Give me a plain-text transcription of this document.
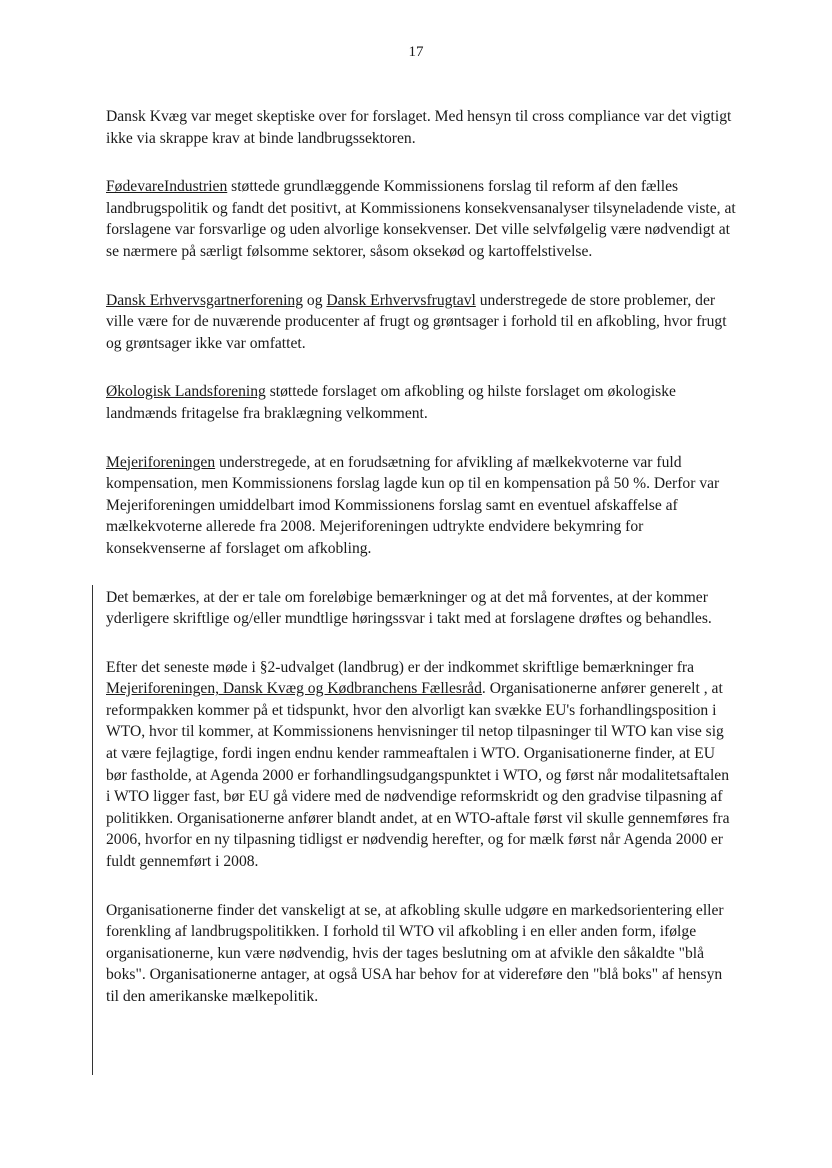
17

Dansk Kvæg var meget skeptiske over for forslaget. Med hensyn til cross compliance var det vigtigt ikke via skrappe krav at binde landbrugssektoren.

FødevareIndustrien støttede grundlæggende Kommissionens forslag til reform af den fælles landbrugspolitik og fandt det positivt, at Kommissionens konsekvensanalyser tilsyneladende viste, at forslagene var forsvarlige og uden alvorlige konsekvenser. Det ville selvfølgelig være nødvendigt at se nærmere på særligt følsomme sektorer, såsom oksekød og kartoffelstivelse.

Dansk Erhvervsgartnerforening og Dansk Erhvervsfrugtavl understregede de store problemer, der ville være for de nuværende producenter af frugt og grøntsager i forhold til en afkobling, hvor frugt og grøntsager ikke var omfattet.

Økologisk Landsforening støttede forslaget om afkobling og hilste forslaget om økologiske landmænds fritagelse fra braklægning velkomment.

Mejeriforeningen understregede, at en forudsætning for afvikling af mælkekvoterne var fuld kompensation, men Kommissionens forslag lagde kun op til en kompensation på 50 %. Derfor var Mejeriforeningen umiddelbart imod Kommissionens forslag samt en eventuel afskaffelse af mælkekvoterne allerede fra 2008. Mejeriforeningen udtrykte endvidere bekymring for konsekvenserne af forslaget om afkobling.

Det bemærkes, at der er tale om foreløbige bemærkninger og at det må forventes, at der kommer yderligere skriftlige og/eller mundtlige høringssvar i takt med at forslagene drøftes og behandles.

Efter det seneste møde i §2-udvalget (landbrug) er der indkommet skriftlige bemærkninger fra Mejeriforeningen, Dansk Kvæg og Kødbranchens Fællesråd. Organisationerne anfører generelt , at reformpakken kommer på et tidspunkt, hvor den alvorligt kan svække EU's forhandlingsposition i WTO, hvor til kommer, at Kommissionens henvisninger til netop tilpasninger til WTO kan vise sig at være fejlagtige, fordi ingen endnu kender rammeaftalen i WTO. Organisationerne finder, at EU bør fastholde, at Agenda 2000 er forhandlingsudgangspunktet i WTO, og først når modalitetsaftalen i WTO ligger fast, bør EU gå videre med de nødvendige reformskridt og den gradvise tilpasning af politikken. Organisationerne anfører blandt andet, at en WTO-aftale først vil skulle gennemføres fra 2006, hvorfor en ny tilpasning tidligst er nødvendig herefter, og for mælk først når Agenda 2000 er fuldt gennemført i 2008.

Organisationerne finder det vanskeligt at se, at afkobling skulle udgøre en markedsorientering eller forenkling af landbrugspolitikken. I forhold til WTO vil afkobling i en eller anden form, ifølge organisationerne, kun være nødvendig, hvis der tages beslutning om at afvikle den såkaldte "blå boks". Organisationerne antager, at også USA har behov for at videreføre den "blå boks" af hensyn til den amerikanske mælkepolitik.
